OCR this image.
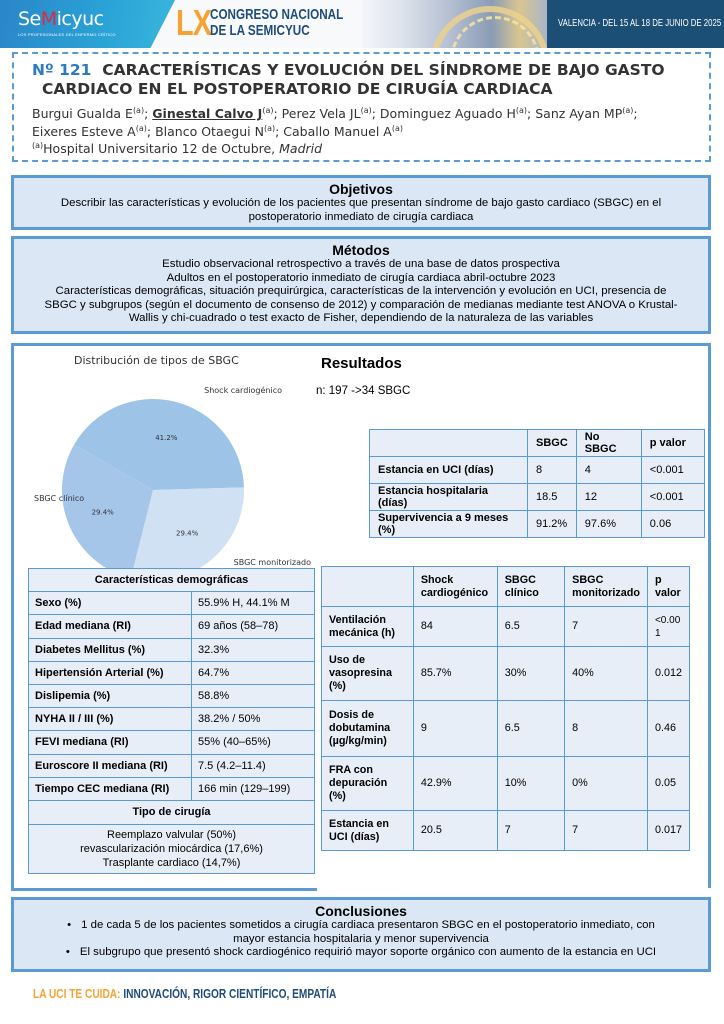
SeMicyuc
LOS PROFESIONALES DEL ENFERMO CRÍTICO	LX
CONGRESO NACIONAL
DE LA SEMICYUC	VALENCIA - DEL 15 AL 18 DE JUNIO DE 2025
Nº 121 CARACTERÍSTICAS Y EVOLUCIÓN DEL SÍNDROME DE BAJO GASTO
CARDIACO EN EL POSTOPERATORIO DE CIRUGÍA CARDIACA
Burgui Gualda $E^{(a)}$; Ginestal Calvo $J^{(a)}$; Perez Vela JL$^{(a)}$; Dominguez Aguado $H^{(a)}$; Sanz Ayan MP$^{(a)}$;
Eixeres Esteve $A^{(a)}$; Blanco Otaegui $N^{(a)}$; Caballo Manuel $A^{(a)}$
$^{(a)}$Hospital Universitario 12 de Octubre, Madrid
Objetivos

Describir las características y evolución de los pacientes que presentan síndrome de bajo gasto cardiaco (SBGC) en el

postoperatorio inmediato de cirugía cardiaca

Métodos

Estudio observacional retrospectivo a través de una base de datos prospectiva

Adultos en el postoperatorio inmediato de cirugía cardiaca abril-octubre 2023

Características demográficas, situación prequirúrgica, características de la intervención y evolución en UCI, presencia de

SBGC y subgrupos (según el documento de consenso de 2012) y comparación de medianas mediante test ANOVA o Krustal-

Wallis y chi-cuadrado o test exacto de Fisher, dependiendo de la naturaleza de las variables

41.2%
Shock cardiogénico
29.4%
SBGC monitorizado
29.4%
SBGC clínico
Distribución de tipos de SBGC	Resultados
n: 197 ->34 SBGC
	SBGC	No SBGC	p valor
Estancia en UCI (días)	8	4	<0.001
Estancia hospitalaria (días)	18.5	12	<0.001
Supervivencia a 9 meses (%)	91.2%	97.6%	0.06
Características demográficas	
Sexo (%)	55.9% H, 44.1% M
Edad mediana (RI)	69 años (58–78)
Diabetes Mellitus (%)	32.3%
Hipertensión Arterial (%)	64.7%
Dislipemia (%)	58.8%
NYHA II / III (%)	38.2% / 50%
FEVI mediana (RI)	55% (40–65%)
Euroscore II mediana (RI)	7.5 (4.2–11.4)
Tiempo CEC mediana (RI)	166 min (129–199)
Tipo de cirugía	

Reemplazo valvular (50%)
revascularización miocárdica (17,6%)
Trasplante cardiaco (14,7%)	
	Shock cardiogénico	SBGC clínico	SBGC monitorizado	p valor
Ventilación mecánica (h)	84	6.5	7	<0.001
Uso de vasopresina (%)	85.7%	30%	40%	0.012
Dosis de dobutamina (µg/kg/min)	9	6.5	8	0.46
FRA con depuración (%)	42.9%	10%	0%	0.05
Estancia en UCI (días)	20.5	7	7	0.017
Conclusiones
• 1 de cada 5 de los pacientes sometidos a cirugía cardiaca presentaron SBGC en el postoperatorio inmediato, con
mayor estancia hospitalaria y menor supervivencia
• El subgrupo que presentó shock cardiogénico requirió mayor soporte orgánico con aumento de la estancia en UCI
LA UCI TE CUIDA: INNOVACIÓN, RIGOR CIENTÍFICO, EMPATÍA
